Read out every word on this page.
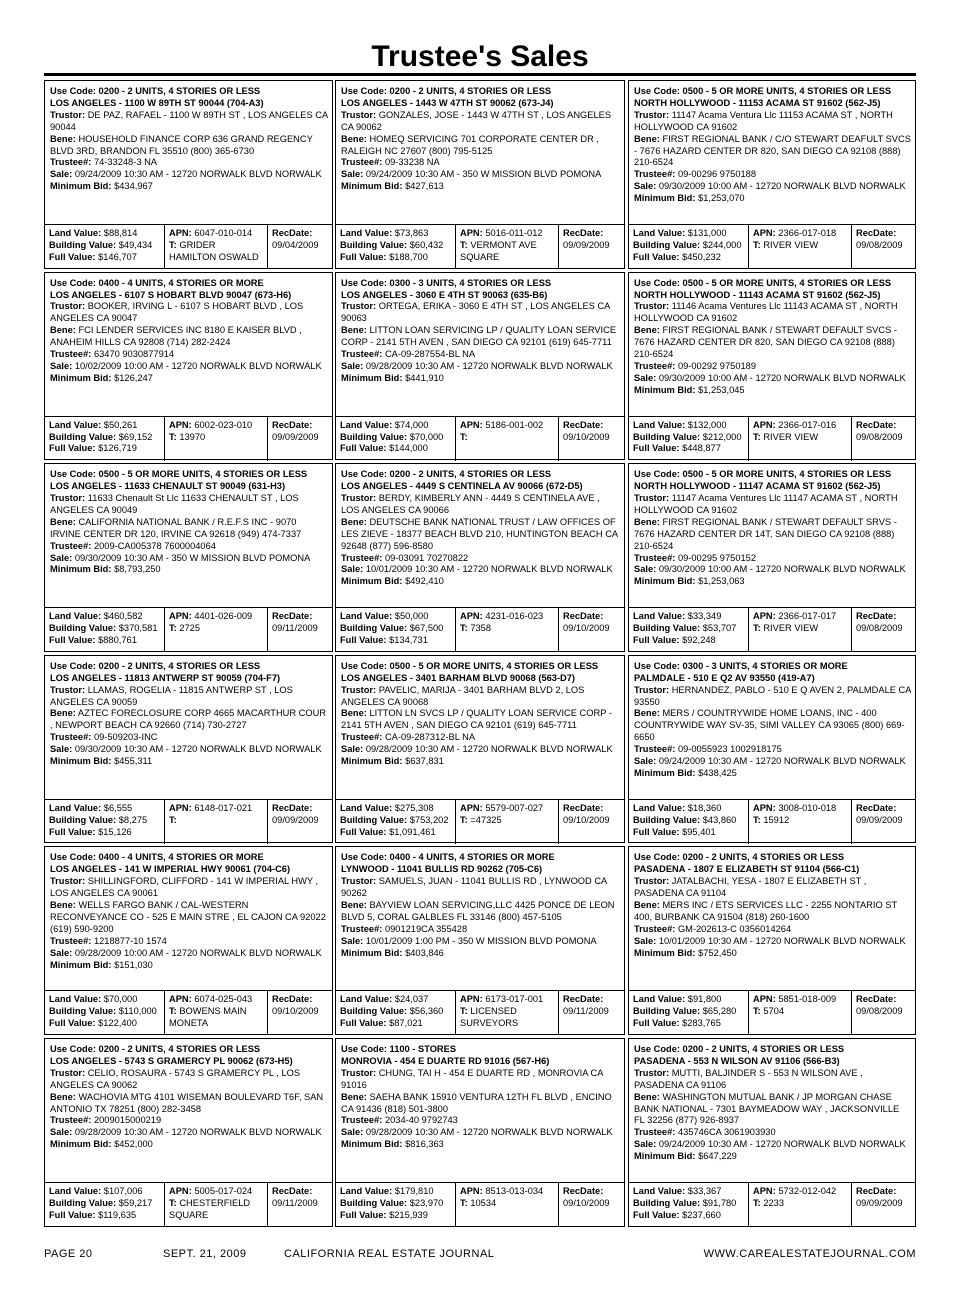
Trustee's Sales
Use Code: 0200 - 2 UNITS, 4 STORIES OR LESS
LOS ANGELES - 1100 W 89TH ST 90044 (704-A3)
Trustor: DE PAZ, RAFAEL - 1100 W 89TH ST , LOS ANGELES CA 90044
Bene: HOUSEHOLD FINANCE CORP 636 GRAND REGENCY BLVD 3RD, BRANDON FL 35510 (800) 365-6730
Trustee#: 74-33248-3 NA
Sale: 09/24/2009 10:30 AM - 12720 NORWALK BLVD NORWALK
Minimum Bid: $434,967
Land Value: $88,814
Building Value: $49,434
Full Value: $146,707
APN: 6047-010-014
T: GRIDER HAMILTON OSWALD
RecDate:
09/04/2009
Use Code: 0200 - 2 UNITS, 4 STORIES OR LESS
LOS ANGELES - 1443 W 47TH ST 90062 (673-J4)
Trustor: GONZALES, JOSE - 1443 W 47TH ST , LOS ANGELES CA 90062
Bene: HOMEQ SERVICING 701 CORPORATE CENTER DR , RALEIGH NC 27607 (800) 795-5125
Trustee#: 09-33238 NA
Sale: 09/24/2009 10:30 AM - 350 W MISSION BLVD POMONA
Minimum Bid: $427,613
Land Value: $73,863
Building Value: $60,432
Full Value: $188,700
APN: 5016-011-012
T: VERMONT AVE SQUARE
RecDate:
09/09/2009
Use Code: 0500 - 5 OR MORE UNITS, 4 STORIES OR LESS
NORTH HOLLYWOOD - 11153 ACAMA ST 91602 (562-J5)
Trustor: 11147 Acama Ventura Llc 11153 ACAMA ST , NORTH HOLLYWOOD CA 91602
Bene: FIRST REGIONAL BANK / C/O STEWART DEAFULT SVCS - 7676 HAZARD CENTER DR 820, SAN DIEGO CA 92108 (888) 210-6524
Trustee#: 09-00296 9750188
Sale: 09/30/2009 10:00 AM - 12720 NORWALK BLVD NORWALK
Minimum Bid: $1,253,070
Land Value: $131,000
Building Value: $244,000
Full Value: $450,232
APN: 2366-017-018
T: RIVER VIEW
RecDate:
09/08/2009
Use Code: 0400 - 4 UNITS, 4 STORIES OR MORE
LOS ANGELES - 6107 S HOBART BLVD 90047 (673-H6)
Trustor: BOOKER, IRVING L - 6107 S HOBART BLVD , LOS ANGELES CA 90047
Bene: FCI LENDER SERVICES INC 8180 E KAISER BLVD , ANAHEIM HILLS CA 92808 (714) 282-2424
Trustee#: 63470 9030877914
Sale: 10/02/2009 10:00 AM - 12720 NORWALK BLVD NORWALK
Minimum Bid: $126,247
Land Value: $50,261
Building Value: $69,152
Full Value: $126,719
APN: 6002-023-010
T: 13970
RecDate:
09/09/2009
Use Code: 0300 - 3 UNITS, 4 STORIES OR LESS
LOS ANGELES - 3060 E 4TH ST 90063 (635-B6)
Trustor: ORTEGA, ERIKA - 3060 E 4TH ST , LOS ANGELES CA 90063
Bene: LITTON LOAN SERVICING LP / QUALITY LOAN SERVICE CORP - 2141 5TH AVEN , SAN DIEGO CA 92101 (619) 645-7711
Trustee#: CA-09-287554-BL NA
Sale: 09/28/2009 10:30 AM - 12720 NORWALK BLVD NORWALK
Minimum Bid: $441,910
Land Value: $74,000
Building Value: $70,000
Full Value: $144,000
APN: 5186-001-002
T:
RecDate:
09/10/2009
Use Code: 0500 - 5 OR MORE UNITS, 4 STORIES OR LESS
NORTH HOLLYWOOD - 11143 ACAMA ST 91602 (562-J5)
Trustor: 11146 Acama Ventures Llc 11143 ACAMA ST , NORTH HOLLYWOOD CA 91602
Bene: FIRST REGIONAL BANK / STEWART DEFAULT SVCS - 7676 HAZARD CENTER DR 820, SAN DIEGO CA 92108 (888) 210-6524
Trustee#: 09-00292 9750189
Sale: 09/30/2009 10:00 AM - 12720 NORWALK BLVD NORWALK
Minimum Bid: $1,253,045
Land Value: $132,000
Building Value: $212,000
Full Value: $448,877
APN: 2366-017-016
T: RIVER VIEW
RecDate:
09/08/2009
Use Code: 0500 - 5 OR MORE UNITS, 4 STORIES OR LESS
LOS ANGELES - 11633 CHENAULT ST 90049 (631-H3)
Trustor: 11633 Chenault St Llc 11633 CHENAULT ST , LOS ANGELES CA 90049
Bene: CALIFORNIA NATIONAL BANK / R.E.F.S INC - 9070 IRVINE CENTER DR 120, IRVINE CA 92618 (949) 474-7337
Trustee#: 2009-CA005378 7600004064
Sale: 09/30/2009 10:30 AM - 350 W MISSION BLVD POMONA
Minimum Bid: $8,793,250
Land Value: $460,582
Building Value: $370,581
Full Value: $880,761
APN: 4401-026-009
T: 2725
RecDate:
09/11/2009
Use Code: 0200 - 2 UNITS, 4 STORIES OR LESS
LOS ANGELES - 4449 S CENTINELA AV 90066 (672-D5)
Trustor: BERDY, KIMBERLY ANN - 4449 S CENTINELA AVE , LOS ANGELES CA 90066
Bene: DEUTSCHE BANK NATIONAL TRUST / LAW OFFICES OF LES ZIEVE - 18377 BEACH BLVD 210, HUNTINGTON BEACH CA 92648 (877) 596-8580
Trustee#: 09-03091 70270822
Sale: 10/01/2009 10:30 AM - 12720 NORWALK BLVD NORWALK
Minimum Bid: $492,410
Land Value: $50,000
Building Value: $67,500
Full Value: $134,731
APN: 4231-016-023
T: 7358
RecDate:
09/10/2009
Use Code: 0500 - 5 OR MORE UNITS, 4 STORIES OR LESS
NORTH HOLLYWOOD - 11147 ACAMA ST 91602 (562-J5)
Trustor: 11147 Acama Ventures Llc 11147 ACAMA ST , NORTH HOLLYWOOD CA 91602
Bene: FIRST REGIONAL BANK / STEWART DEFAULT SRVS - 7676 HAZARD CENTER DR 14T, SAN DIEGO CA 92108 (888) 210-6524
Trustee#: 09-00295 9750152
Sale: 09/30/2009 10:00 AM - 12720 NORWALK BLVD NORWALK
Minimum Bid: $1,253,063
Land Value: $33,349
Building Value: $53,707
Full Value: $92,248
APN: 2366-017-017
T: RIVER VIEW
RecDate:
09/08/2009
Use Code: 0200 - 2 UNITS, 4 STORIES OR LESS
LOS ANGELES - 11813 ANTWERP ST 90059 (704-F7)
Trustor: LLAMAS, ROGELIA - 11815 ANTWERP ST , LOS ANGELES CA 90059
Bene: AZTEC FORECLOSURE CORP 4665 MACARTHUR COUR , NEWPORT BEACH CA 92660 (714) 730-2727
Trustee#: 09-509203-INC
Sale: 09/30/2009 10:30 AM - 12720 NORWALK BLVD NORWALK
Minimum Bid: $455,311
Land Value: $6,555
Building Value: $8,275
Full Value: $15,126
APN: 6148-017-021
T:
RecDate:
09/09/2009
Use Code: 0500 - 5 OR MORE UNITS, 4 STORIES OR LESS
LOS ANGELES - 3401 BARHAM BLVD 90068 (563-D7)
Trustor: PAVELIC, MARIJA - 3401 BARHAM BLVD 2, LOS ANGELES CA 90068
Bene: LITTON LN SVCS LP / QUALITY LOAN SERVICE CORP - 2141 5TH AVEN , SAN DIEGO CA 92101 (619) 645-7711
Trustee#: CA-09-287312-BL NA
Sale: 09/28/2009 10:30 AM - 12720 NORWALK BLVD NORWALK
Minimum Bid: $637,831
Land Value: $275,308
Building Value: $753,202
Full Value: $1,091,461
APN: 5579-007-027
T: =47325
RecDate:
09/10/2009
Use Code: 0300 - 3 UNITS, 4 STORIES OR MORE
PALMDALE - 510 E Q2 AV 93550 (419-A7)
Trustor: HERNANDEZ, PABLO - 510 E Q AVEN 2, PALMDALE CA 93550
Bene: MERS / COUNTRYWIDE HOME LOANS, INC - 400 COUNTRYWIDE WAY SV-35, SIMI VALLEY CA 93065 (800) 669-6650
Trustee#: 09-0055923 1002918175
Sale: 09/24/2009 10:30 AM - 12720 NORWALK BLVD NORWALK
Minimum Bid: $438,425
Land Value: $18,360
Building Value: $43,860
Full Value: $95,401
APN: 3008-010-018
T: 15912
RecDate:
09/09/2009
Use Code: 0400 - 4 UNITS, 4 STORIES OR MORE
LOS ANGELES - 141 W IMPERIAL HWY 90061 (704-C6)
Trustor: SHILLINGFORD, CLIFFORD - 141 W IMPERIAL HWY , LOS ANGELES CA 90061
Bene: WELLS FARGO BANK / CAL-WESTERN RECONVEYANCE CO - 525 E MAIN STRE , EL CAJON CA 92022 (619) 590-9200
Trustee#: 1218877-10 1574
Sale: 09/28/2009 10:00 AM - 12720 NORWALK BLVD NORWALK
Minimum Bid: $151,030
Land Value: $70,000
Building Value: $110,000
Full Value: $122,400
APN: 6074-025-043
T: BOWENS MAIN MONETA
RecDate:
09/10/2009
Use Code: 0400 - 4 UNITS, 4 STORIES OR MORE
LYNWOOD - 11041 BULLIS RD 90262 (705-C6)
Trustor: SAMUELS, JUAN - 11041 BULLIS RD , LYNWOOD CA 90262
Bene: BAYVIEW LOAN SERVICING,LLC 4425 PONCE DE LEON BLVD 5, CORAL GALBLES FL 33146 (800) 457-5105
Trustee#: 0901219CA 355428
Sale: 10/01/2009 1:00 PM - 350 W MISSION BLVD POMONA
Minimum Bid: $403,846
Land Value: $24,037
Building Value: $56,360
Full Value: $87,021
APN: 6173-017-001
T: LICENSED SURVEYORS
RecDate:
09/11/2009
Use Code: 0200 - 2 UNITS, 4 STORIES OR LESS
PASADENA - 1807 E ELIZABETH ST 91104 (566-C1)
Trustor: JATALBACHI, YESA - 1807 E ELIZABETH ST , PASADENA CA 91104
Bene: MERS INC / ETS SERVICES LLC - 2255 NONTARIO ST 400, BURBANK CA 91504 (818) 260-1600
Trustee#: GM-202613-C 0356014264
Sale: 10/01/2009 10:30 AM - 12720 NORWALK BLVD NORWALK
Minimum Bid: $752,450
Land Value: $91,800
Building Value: $65,280
Full Value: $283,765
APN: 5851-018-009
T: 5704
RecDate:
09/08/2009
Use Code: 0200 - 2 UNITS, 4 STORIES OR LESS
LOS ANGELES - 5743 S GRAMERCY PL 90062 (673-H5)
Trustor: CELIO, ROSAURA - 5743 S GRAMERCY PL , LOS ANGELES CA 90062
Bene: WACHOVIA MTG 4101 WISEMAN BOULEVARD T6F, SAN ANTONIO TX 78251 (800) 282-3458
Trustee#: 2009015000219
Sale: 09/28/2009 10:30 AM - 12720 NORWALK BLVD NORWALK
Minimum Bid: $452,000
Land Value: $107,006
Building Value: $59,217
Full Value: $119,635
APN: 5005-017-024
T: CHESTERFIELD SQUARE
RecDate:
09/11/2009
Use Code: 1100 - STORES
MONROVIA - 454 E DUARTE RD 91016 (567-H6)
Trustor: CHUNG, TAI H - 454 E DUARTE RD , MONROVIA CA 91016
Bene: SAEHA BANK 15910 VENTURA 12TH FL BLVD , ENCINO CA 91436 (818) 501-3800
Trustee#: 2034-40 9792743
Sale: 09/28/2009 10:30 AM - 12720 NORWALK BLVD NORWALK
Minimum Bid: $816,363
Land Value: $179,810
Building Value: $23,970
Full Value: $215,939
APN: 8513-013-034
T: 10534
RecDate:
09/10/2009
Use Code: 0200 - 2 UNITS, 4 STORIES OR LESS
PASADENA - 553 N WILSON AV 91106 (566-B3)
Trustor: MUTTI, BALJINDER S - 553 N WILSON AVE , PASADENA CA 91106
Bene: WASHINGTON MUTUAL BANK / JP MORGAN CHASE BANK NATIONAL - 7301 BAYMEADOW WAY , JACKSONVILLE FL 32256 (877) 926-8937
Trustee#: 435746CA 3061903930
Sale: 09/24/2009 10:30 AM - 12720 NORWALK BLVD NORWALK
Minimum Bid: $647,229
Land Value: $33,367
Building Value: $91,780
Full Value: $237,660
APN: 5732-012-042
T: 2233
RecDate:
09/09/2009
PAGE 20	SEPT. 21, 2009	CALIFORNIA REAL ESTATE JOURNAL	WWW.CAREALESTATEJOURNAL.COM
